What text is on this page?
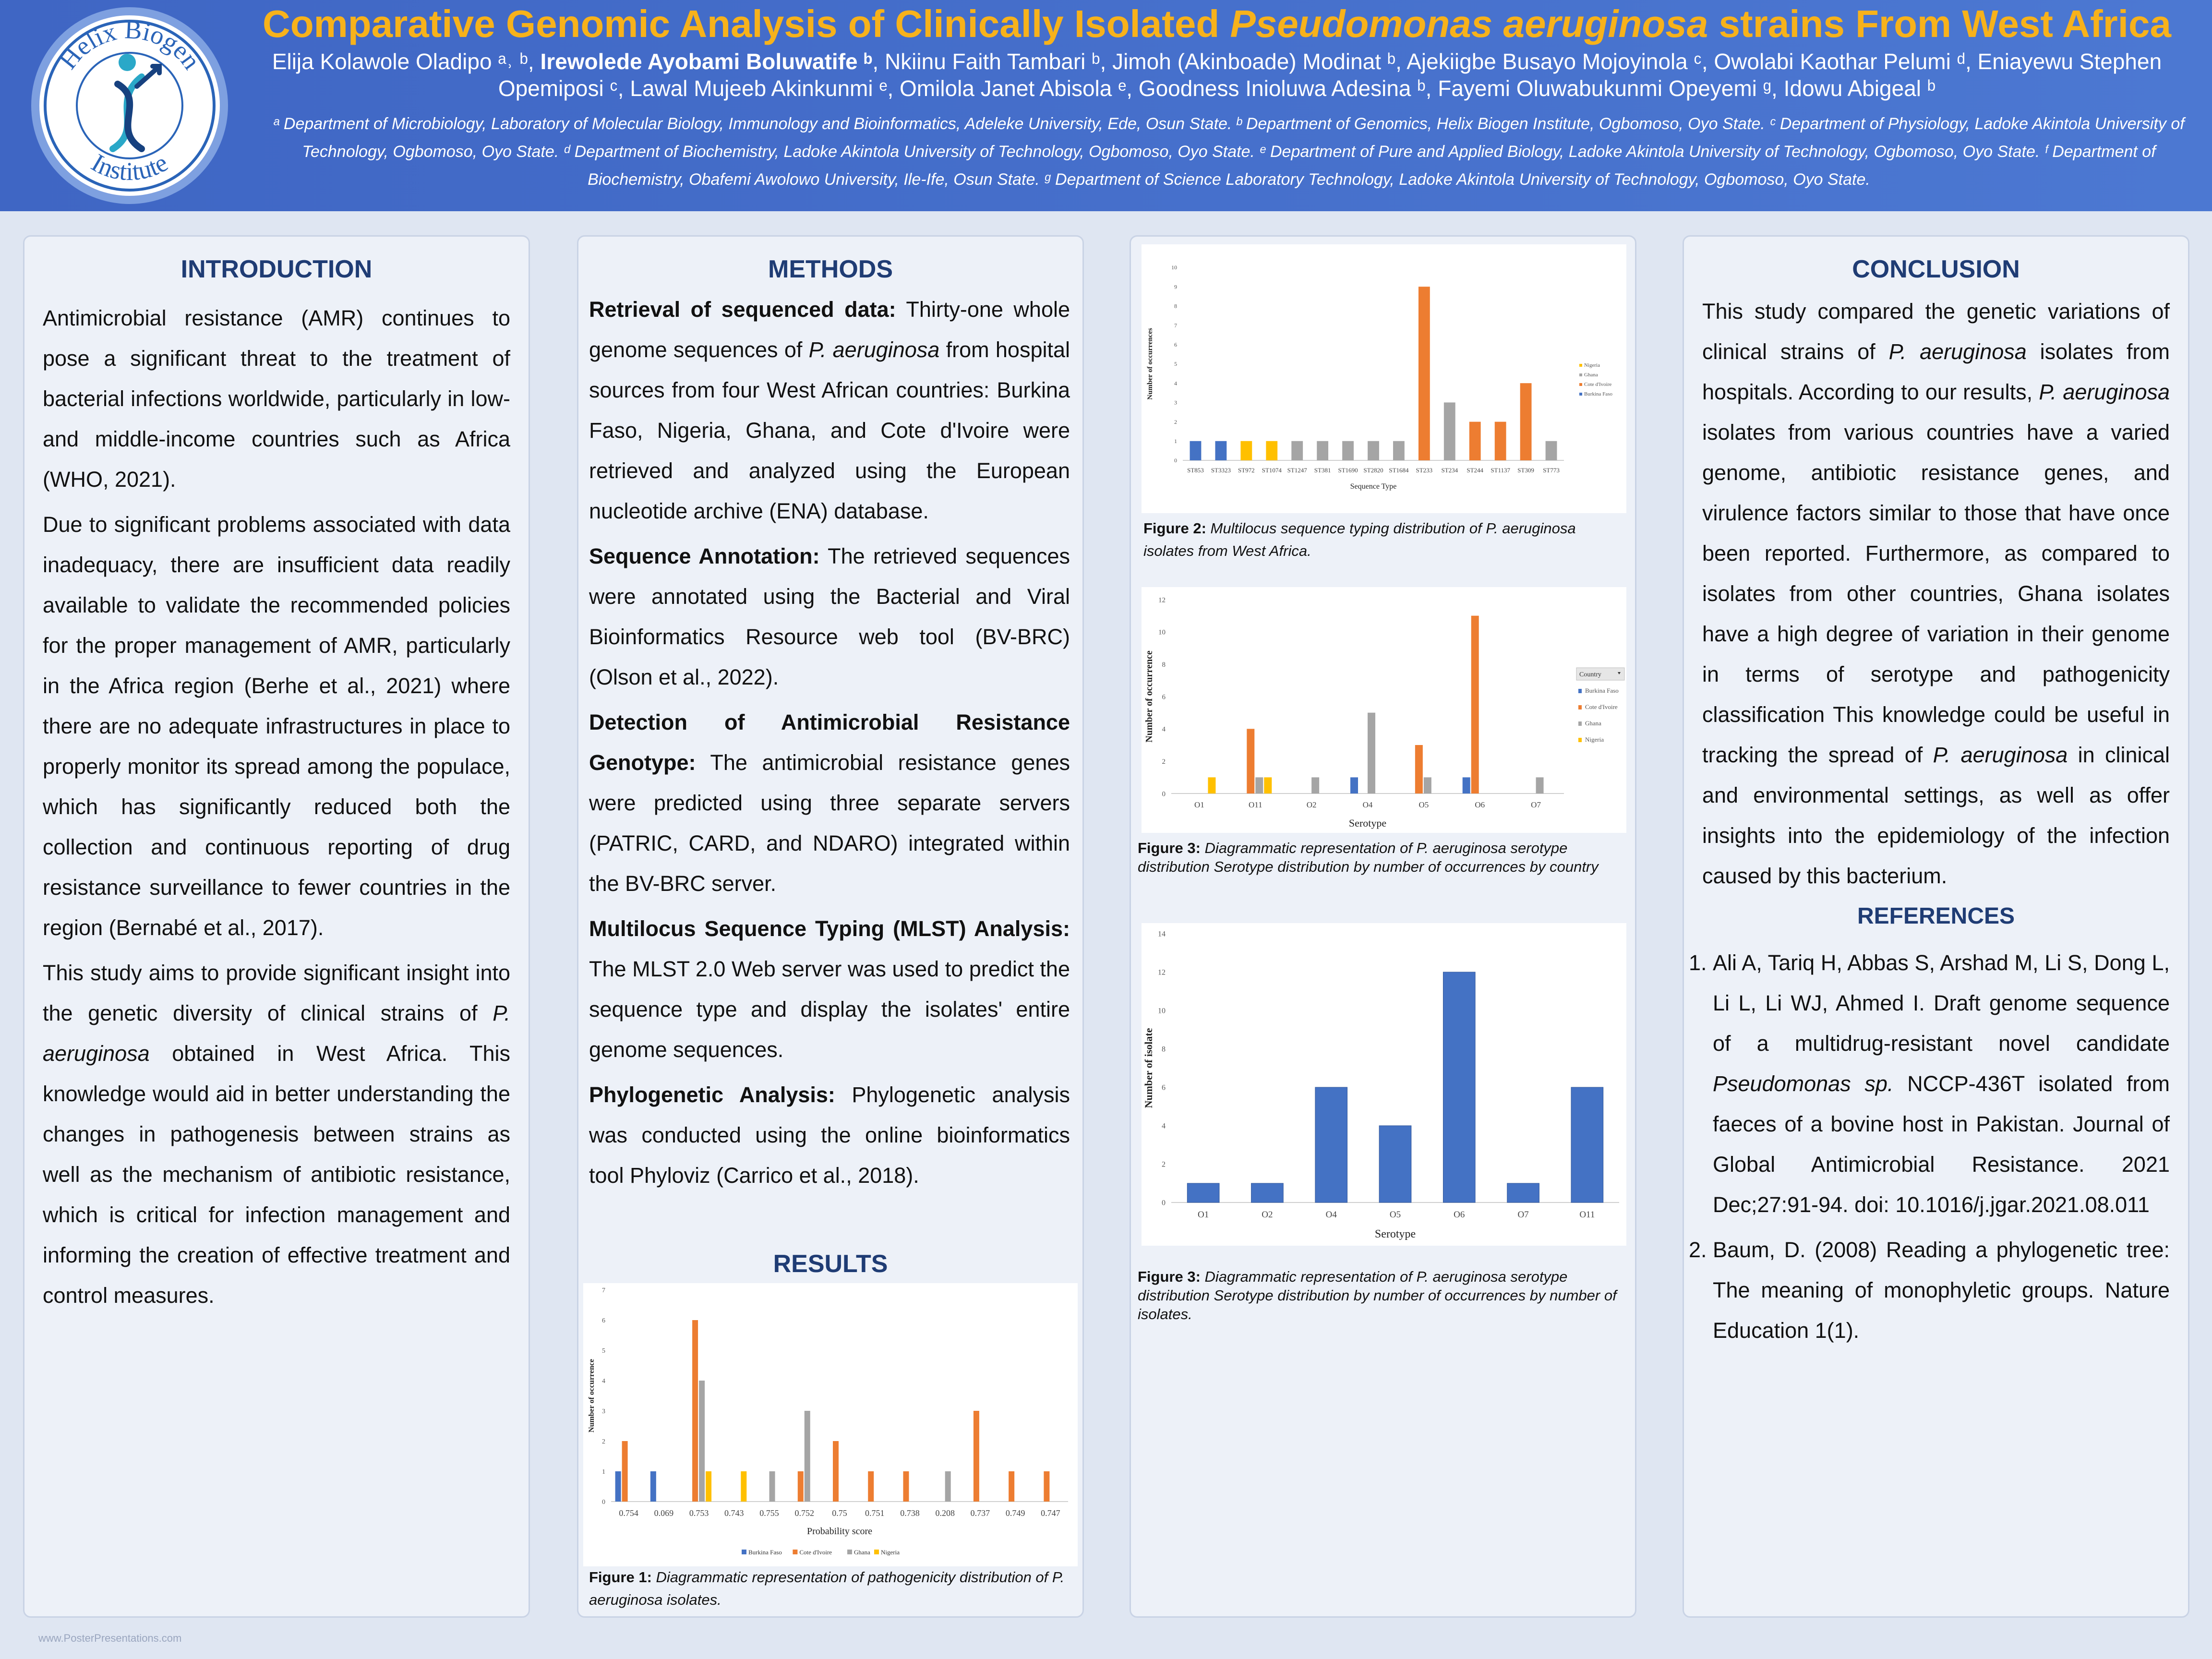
Helix Biogen
Institute
Comparative Genomic Analysis of Clinically Isolated Pseudomonas aeruginosa strains From West Africa
Elija Kolawole Oladipo ᵃ˒ ᵇ, Irewolede Ayobami Boluwatife ᵇ, Nkiinu Faith Tambari ᵇ, Jimoh (Akinboade) Modinat ᵇ, Ajekiigbe Busayo Mojoyinola ᶜ, Owolabi Kaothar Pelumi ᵈ, Eniayewu Stephen
Opemiposi ᶜ, Lawal Mujeeb Akinkunmi ᵉ, Omilola Janet Abisola ᵉ, Goodness Inioluwa Adesina ᵇ, Fayemi Oluwabukunmi Opeyemi ᵍ, Idowu Abigeal ᵇ
ᵃ Department of Microbiology, Laboratory of Molecular Biology, Immunology and Bioinformatics, Adeleke University, Ede, Osun State. ᵇ Department of Genomics, Helix Biogen Institute, Ogbomoso, Oyo State. ᶜ Department of Physiology, Ladoke Akintola University of Technology, Ogbomoso, Oyo State. ᵈ Department of Biochemistry, Ladoke Akintola University of Technology, Ogbomoso, Oyo State. ᵉ Department of Pure and Applied Biology, Ladoke Akintola University of Technology, Ogbomoso, Oyo State. ᶠ Department of Biochemistry, Obafemi Awolowo University, Ile-Ife, Osun State. ᵍ Department of Science Laboratory Technology, Ladoke Akintola University of Technology, Ogbomoso, Oyo State.
INTRODUCTION

Antimicrobial resistance (AMR) continues to pose a significant threat to the treatment of bacterial infections worldwide, particularly in low- and middle-income countries such as Africa (WHO, 2021).

Due to significant problems associated with data inadequacy, there are insufficient data readily available to validate the recommended policies for the proper management of AMR, particularly in the Africa region (Berhe et al., 2021) where there are no adequate infrastructures in place to properly monitor its spread among the populace, which has significantly reduced both the collection and continuous reporting of drug resistance surveillance to fewer countries in the region (Bernabé et al., 2017).

This study aims to provide significant insight into the genetic diversity of clinical strains of P. aeruginosa obtained in West Africa. This knowledge would aid in better understanding the changes in pathogenesis between strains as well as the mechanism of antibiotic resistance, which is critical for infection management and informing the creation of effective treatment and control measures.

METHODS

Retrieval of sequenced data: Thirty-one whole genome sequences of P. aeruginosa from hospital sources from four West African countries: Burkina Faso, Nigeria, Ghana, and Cote d'Ivoire were retrieved and analyzed using the European nucleotide archive (ENA) database.

Sequence Annotation: The retrieved sequences were annotated using the Bacterial and Viral Bioinformatics Resource web tool (BV-BRC) (Olson et al., 2022).

Detection of Antimicrobial Resistance Genotype: The antimicrobial resistance genes were predicted using three separate servers (PATRIC, CARD, and NDARO) integrated within the BV-BRC server.

Multilocus Sequence Typing (MLST) Analysis: The MLST 2.0 Web server was used to predict the sequence type and display the isolates' entire genome sequences.

Phylogenetic Analysis: Phylogenetic analysis was conducted using the online bioinformatics tool Phyloviz (Carrico et al., 2018).

RESULTS
0
1
2
3
4
5
6
7
0.754 0.069 0.753 0.743 0.755 0.752 0.75 0.751 0.738 0.208 0.737 0.749 0.747
Probability score
Number of occurrence
Burkina Faso	Cote d'Ivoire	Ghana Nigeria

Figure 1: Diagrammatic representation of pathogenicity distribution of P. aeruginosa isolates.

0
1
2
3
4
5
6
7
8
9
10
ST853 ST3323 ST972 ST1074 ST1247 ST381 ST1690 ST2820 ST1684 ST233 ST234 ST244 ST1137 ST309 ST773
Sequence Type
Number of occurrences	Nigeria
Ghana
Cote d'Ivoire
Burkina Faso

Figure 2: Multilocus sequence typing distribution of P. aeruginosa isolates from West Africa.

0
2
4
6
8
10
12
O1	O11	O2	O4	O5	O6	O7
Serotype
Number of occurrence	Country
Burkina Faso
Cote d'Ivoire
Ghana
Nigeria

Figure 3: Diagrammatic representation of P. aeruginosa serotype distribution Serotype distribution by number of occurrences by country

0
2
4
6
8
10
12
14
O1	O2	O4	O5	O6	O7	O11
Serotype
Number of isolate

Figure 3: Diagrammatic representation of P. aeruginosa serotype distribution Serotype distribution by number of occurrences by number of isolates.

CONCLUSION

This study compared the genetic variations of clinical strains of P. aeruginosa isolates from hospitals. According to our results, P. aeruginosa isolates from various countries have a varied genome, antibiotic resistance genes, and virulence factors similar to those that have once been reported. Furthermore, as compared to isolates from other countries, Ghana isolates have a high degree of variation in their genome in terms of serotype and pathogenicity classification This knowledge could be useful in tracking the spread of P. aeruginosa in clinical and environmental settings, as well as offer insights into the epidemiology of the infection caused by this bacterium.

REFERENCES
1. Ali A, Tariq H, Abbas S, Arshad M, Li S, Dong L, Li L, Li WJ, Ahmed I. Draft genome sequence of a multidrug-resistant novel candidate Pseudomonas sp. NCCP-436T isolated from faeces of a bovine host in Pakistan. Journal of Global Antimicrobial Resistance. 2021 Dec;27:91-94. doi: 10.1016/j.jgar.2021.08.011
2. Baum, D. (2008) Reading a phylogenetic tree: The meaning of monophyletic groups. Nature Education 1(1).
www.PosterPresentations.com
